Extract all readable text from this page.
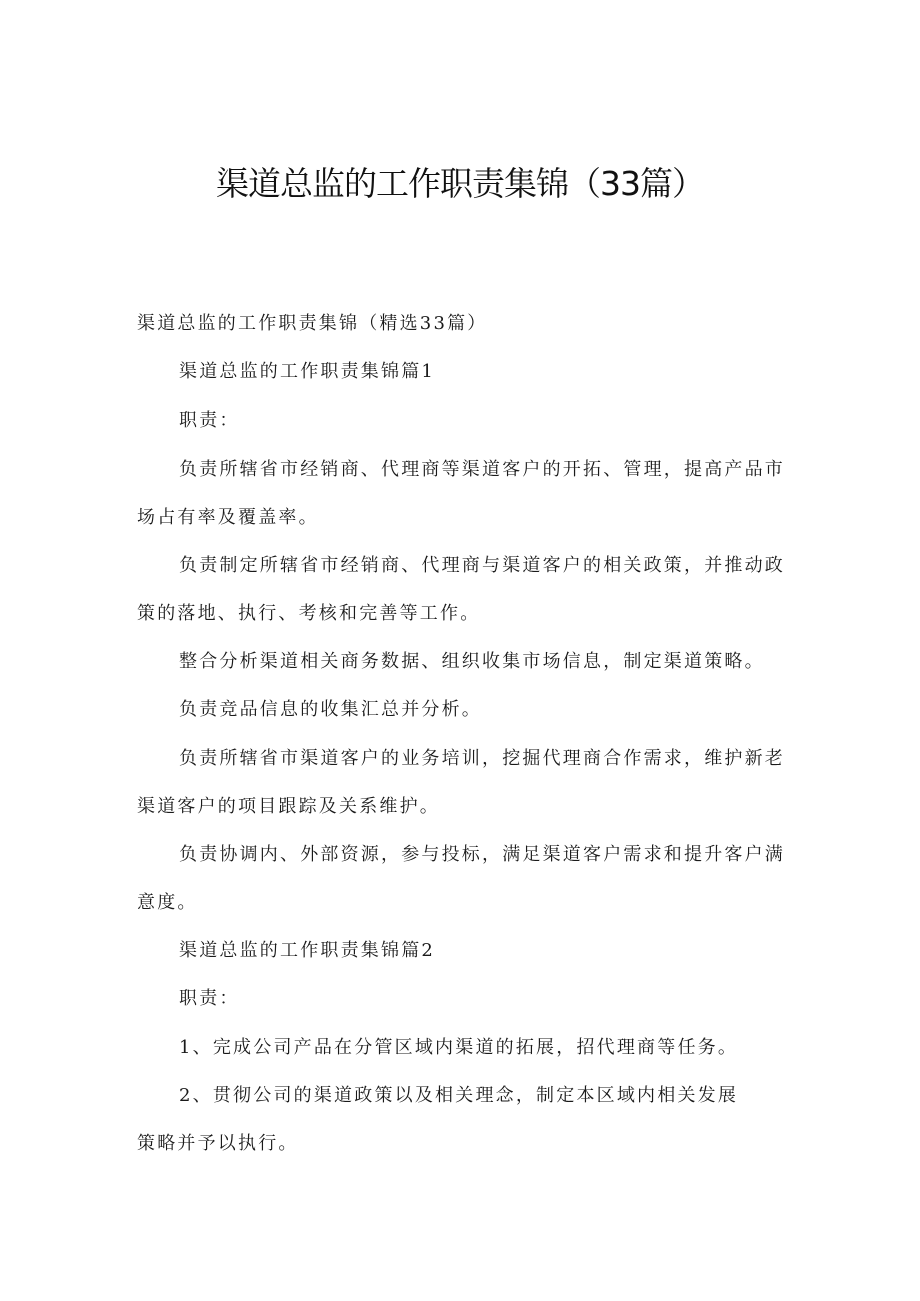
渠道总监的工作职责集锦（33篇）
渠道总监的工作职责集锦（精选33篇）
渠道总监的工作职责集锦篇1
职责：
负责所辖省市经销商、代理商等渠道客户的开拓、管理，提高产品市场占有率及覆盖率。
负责制定所辖省市经销商、代理商与渠道客户的相关政策，并推动政策的落地、执行、考核和完善等工作。
整合分析渠道相关商务数据、组织收集市场信息，制定渠道策略。
负责竞品信息的收集汇总并分析。
负责所辖省市渠道客户的业务培训，挖掘代理商合作需求，维护新老渠道客户的项目跟踪及关系维护。
负责协调内、外部资源，参与投标，满足渠道客户需求和提升客户满意度。
渠道总监的工作职责集锦篇2
职责：
1、完成公司产品在分管区域内渠道的拓展，招代理商等任务。
2、贯彻公司的渠道政策以及相关理念，制定本区域内相关发展
策略并予以执行。
